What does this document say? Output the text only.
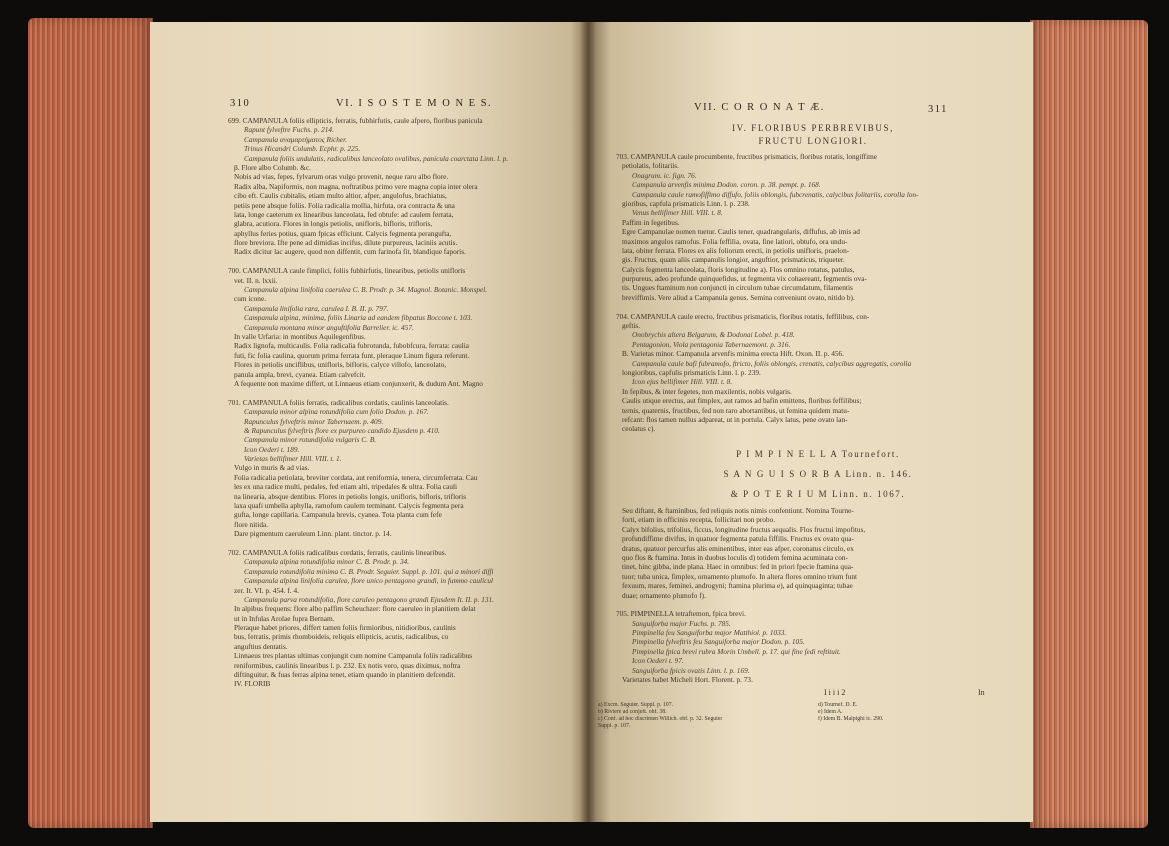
310	VI. I S O S T E M O N E S.
699. CAMPANULA foliis ellipticis, ferratis, fubhirfutis, caule afpero, floribus panicula
Rapunt fylveftre Fuchs. p. 214.
Campanula αναμαρτήματος Richer.
Trinus Hicandri Columb. Ecphr. p. 225.
Campanula foliis undulatis, radicalibus lanceolato ovalibus, panicula coarctata Linn. l. p.
β. Flore albo Columb. &c.
Nobis ad vias, fepes, fylvarum oras vulgo provenit, neque raro albo flore.
Radix alba, Napiformis, non magna, noftratibus primo vere magna copia inter olera
cibo eft. Caulis cubitalis, etiam multo altior, afper, angulofus, brachiatus,
petiis pene absque foliis. Folia radicalia mollia, hirfuta, ora contracta & una
lata, longe caeterum ex linearibus lanceolata, fed obtufe: ad caulem ferrata,
glabra, acutiora. Flores in longis petiolis, uniflorís, bifloris, trifloris,
aphyllus feries potius, quam fpicas efficiunt. Calycis fegmenta perangufta,
flore breviora. Ifte pene ad dimidias incifus, dilute purpureus, laciniis acutis.
Radix dicitur lac augere, quod non diffentit, cum farinofa fit, blandique faporis.
700. CAMPANULA caule fimplici, foliis fubhirfutis, linearibus, petiolis unifloris
vet. II. n. lxxii.
Campanula alpina linifolia caerulea C. B. Prodr. p. 34. Magnol. Botanic. Monspel.
cum icone.
Campanula linifolia rara, carulea I. B. II. p. 797.
Campanula alpina, minima, foliis Linaria ad eandem fibpatus Boccone t. 103.
Campanula montana minor anguftifolia Barrelier. ic. 457.
In valle Urfaria: in montibus Aquilegenfibus.
Radix lignofa, multicaulis. Folia radicalia fubrotunda, fubobfcura, ferrata: caulia
futi, fic folia caulina, quorum prima ferrata funt, pleraque Linum figura referunt.
Flores in petiolis unciflibus, unifloris, bifloris, calyce villofo, lanceolato,
panula ampla, brevi, cyanea. Etiam calvefcit.
A fequente non maxime differt, ut Linnaeus etiam conjunxerit, & dudum Ant. Magno
701. CAMPANULA foliis ferratis, radicalibus cordatis, caulinis lanceolatis.
Campanula minor alpina rotundifolia cum folio Dodon. p. 167.
Rapunculus fylveftris minor Tabernaem. p. 409.
& Rapunculus fylveftris flore ex purpureo candido Ejusdem p. 410.
Campanula minor rotundifolia vulgaris C. B.
Icon Oederi t. 189.
Varietas bellifimer Hill. VIII. t. 1.
Vulgo in muris & ad vias.
Folia radicalia petiolata, breviter cordata, aut reniformia, tenera, circumferrata. Cau
les ex una radice multi, pedales, fed etiam alti, tripedales & ultra. Folia cauli
na linearia, absque dentibus. Flores in petiolis longis, unifloris, bifloris, trifloris
laxa quafi umbella aphylla, ramofum caulem terminant. Calycis fegmenta pera
gufta, longe capillaria. Campanula brevis, cyanea. Tota planta cum fefe
flore nitida.
Dare pigmentum caeruleum Linn. plant. tinctor. p. 14.
702. CAMPANULA foliis radicalibus cordatis, ferratis, caulinis linearibus.
Campanula alpina rotundifolia minor C. B. Prodr. p. 34.
Campanula rotundifolia minima C. B. Prodr. Seguier. Suppl. p. 101. qui a minori diffi
Campanula alpina linifolia carulea, flore unico pentagono grandi, in fummo caulicul
zer. It. VI. p. 454. f. 4.
Campanula parva rotundifolia, flore caruleo pentagono grandi Ejusdem It. II. p. 131.
In alpibus frequens: flore albo paffim Scheuchzer: flore caeruleo in planitiem delat
ut in Infulas Arolae fupra Bernam.
Pleraque habet priores, differt tamen foliis firmioribus, nitidioribus, caulinis
bus, ferratis, primis rhomboideis, reliquis ellipticis, acutis, radicalibus, co
anguftius dentatis.
Linnaeus tres plantas ultimas conjungit cum nomine Campanula foliis radicalibus
reniformibus, caulinis linearibus l. p. 232. Ex notis vero, quas diximus, noftra
diftinguitur, & fuas ferras alpina tenet, etiam quando in planitiem defcendit.
IV. FLORIB
VII. C O R O N A T Æ.	311
IV. FLORIBUS PERBREVIBUS,
FRUCTU LONGIORI.
703. CAMPANULA caule procumbente, fructibus prismaticis, floribus rotatis, longiffime
petiolatis, folitariis.
Onagrum. ic. fign. 76.
Campanula arvenfis minima Dodon. coron. p. 38. pempt. p. 168.
Campanula caule ramofiffimo diffufo, foliis oblongis, fubcrenatis, calycibus folitariis, corolla lon-
gioribus, capfula prismaticis Linn. l. p. 238.
Venus bellifimer Hill. VIII. t. 8.
Paffim in fegetibus.
Egre Campanulae nomen tuetur. Caulis tener, quadrangularis, diffufus, ab imis ad
maximos angulos ramofus. Folia feffilia, ovata, fine latiori, obtufo, ora undu-
lata, obiter ferrata. Flores ex alis foliorum erecti, in petiolis unifloris, praelon-
gis. Fructus, quam aliis campanulis longior, anguftior, prismaticus, triqueter.
Calycis fegmenta lanceolata, floris longitudine a). Flos omnino rotatus, patulus,
purpureus, adeo profunde quinquefidus, ut fegmenta vix cohaereant, fegmentis ova-
tis. Ungues ftaminum non conjuncti in circulum tubae circumdatum, filamentis
breviffimis. Vere aliud a Campanula genus. Semina conveniunt ovato, nitido b).
704. CAMPANULA caule erecto, fructibus prismaticis, floribus rotatis, feffilibus, con-
geftis.
Onobrychis altera Belgarum, & Dodonai Lobel. p. 418.
Pentagonion, Viola pentagonia Tabernaemont. p. 316.
B. Varietas minor. Campanula arvenfis minima erecta Hift. Oxon. II. p. 456.
Campanula caule bafi fubramofo, ftricto, foliis oblongis, crenatis, calycibus aggregatis, corolla
longioribus, capfulis prismaticis Linn. l. p. 239.
Icon ejus bellifimer Hill. VIII. t. 8.
In fepibus, & inter fegetes, non maxilentis, nobis vulgaris.
Caulis utique erectus, aut fimplex, aut ramos ad bafin emittens, floribus feffilibus;
ternis, quaternis, fructibus, fed non raro abortantibus, ut femina quidem matu-
refcant: flos tamen nullus adpareat, ut in portula. Calyx latus, pene ovato lan-
ceolatus c).
P I M P I N E L L A Tournefort.
S A N G U I S O R B A Linn. n. 146.
& P O T E R I U M Linn. n. 1067.
Seu diftant, & ftaminibus, fed reliquis notis nimis confentiunt. Nomina Tourne-
forti, etiam in officinis recepta, follicitari non probo.
Calyx bifolius, trifolius, ficcus, longitudine fructus aequalis. Flos fructui impofitus,
profundiffime divifus, in quatuor fegmenta patula fiffilis. Fructus ex ovato qua-
dratus, quatuor percurfus alis eminentibus, inter eas afper, coronatus circulo, ex
quo flos & ftamina. Intus in duobus loculis d) totidem femina acuminata con-
tinet, hinc gibba, inde plana. Haec in omnibus: fed in priori fpecie ftamina qua-
tuor; tuba unica, fimplex, ornamento plumofo. In altera flores omnino trium funt
fexuum, mares, feminei, androgyni; ftamina plurima e), ad quinquaginta; tubae
duae; ornamento plumofo f).
705. PIMPINELLA tetraftemon, fpica brevi.
Sanguiforba major Fuchs. p. 785.
Pimpinella feu Sanguiforba major Matthiol. p. 1033.
Pimpinella fylveftris feu Sanguiforba major Dodon. p. 105.
Pimpinella fpica brevi rubra Morin Umbell. p. 17. qui fine fedi reftituit.
Icon Oederi t. 97.
Sanguiforba fpicis ovatis Linn. l. p. 169.
Varietates habet Micheli Hort. Florent. p. 73.
I i i i 2	In
a) Excm. Seguier. Suppl. p. 107.
b) Riviere ad conjeft. obf. 38.
c) Conf. ad hoc discrimen Willich. obf. p. 32. Seguier
Suppl. p. 107.
d) Tournef. D. E.
e) Idem A.
f) Idem B. Malpighi ic. 290.
